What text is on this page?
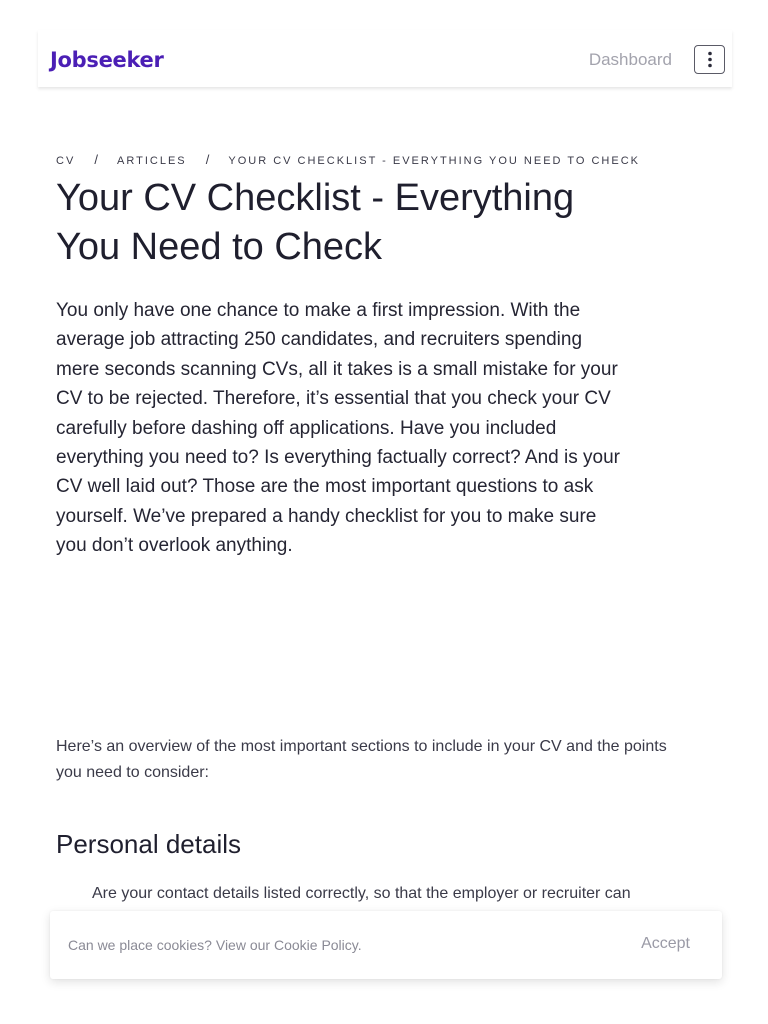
Jobseeker	Dashboard
CV / ARTICLES / YOUR CV CHECKLIST - EVERYTHING YOU NEED TO CHECK
Your CV Checklist - Everything You Need to Check

You only have one chance to make a first impression. With the average job attracting 250 candidates, and recruiters spending mere seconds scanning CVs, all it takes is a small mistake for your CV to be rejected. Therefore, it’s essential that you check your CV carefully before dashing off applications. Have you included everything you need to? Is everything factually correct? And is your CV well laid out? Those are the most important questions to ask yourself. We’ve prepared a handy checklist for you to make sure you don’t overlook anything.

Here’s an overview of the most important sections to include in your CV and the points you need to consider:

Personal details

Are your contact details listed correctly, so that the employer or recruiter can

Can we place cookies? View our Cookie Policy.	Accept
